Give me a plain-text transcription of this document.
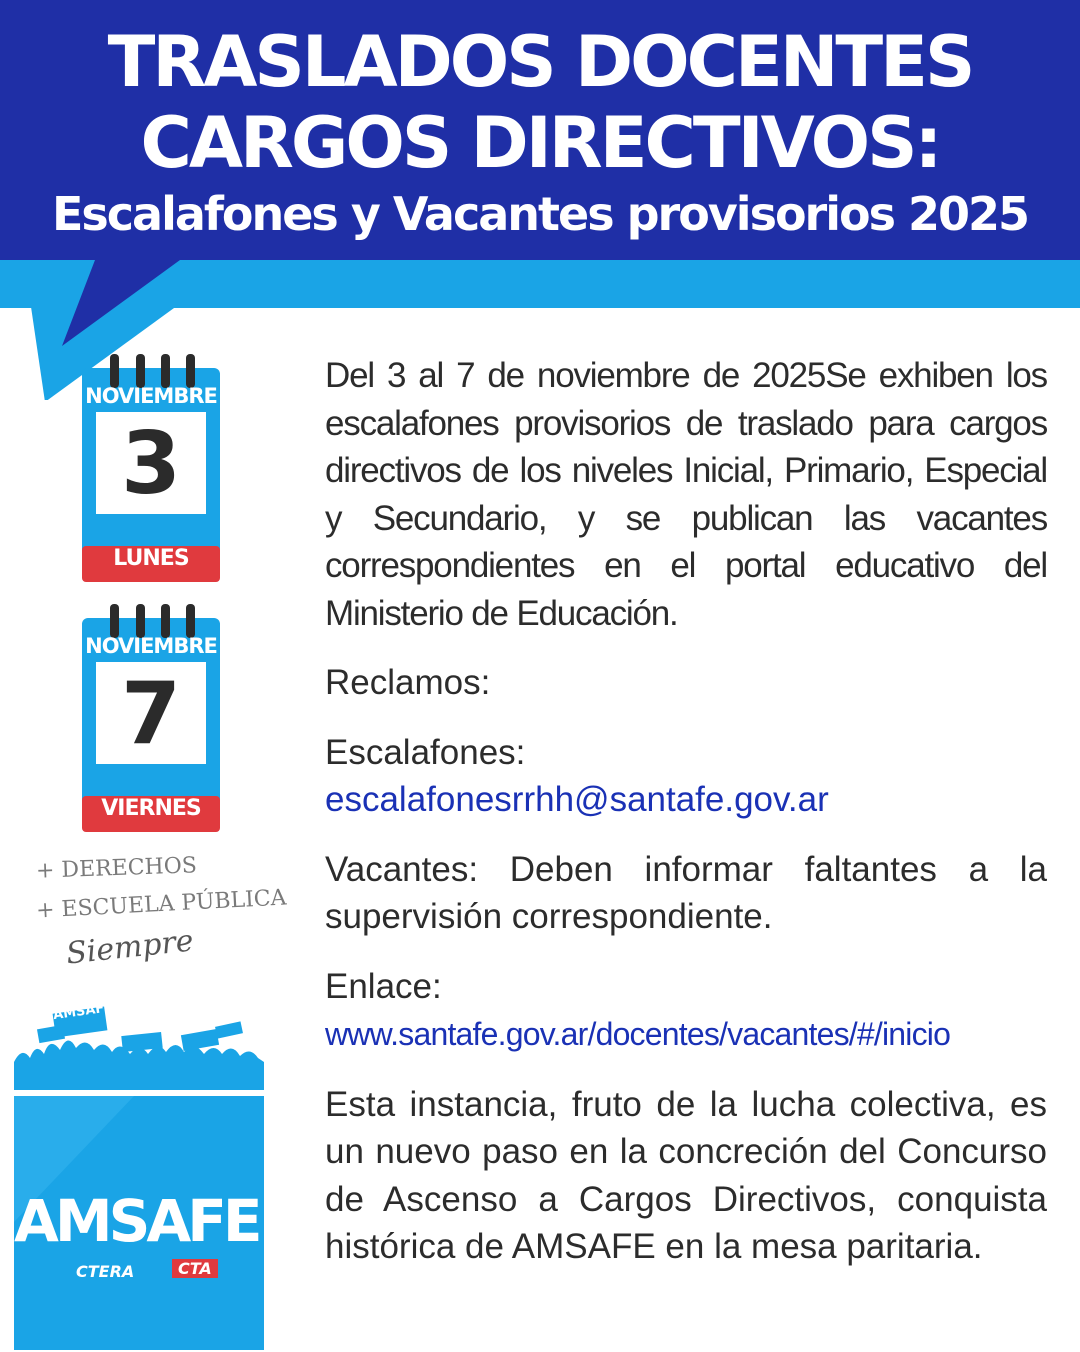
TRASLADOS DOCENTES
CARGOS DIRECTIVOS:
Escalafones y Vacantes provisorios 2025
NOVIEMBRE
3
LUNES
NOVIEMBRE
7
VIERNES
+ DERECHOS
+ ESCUELA PÚBLICA
Siempre
AMSAFE
AMSAFE
CTERA	CTA

Del 3 al 7 de noviembre de 2025Se exhiben los escalafones provisorios de traslado para cargos directivos de los niveles Inicial, Primario, Especial y Secundario, y se publican las vacantes correspondientes en el portal educativo del Ministerio de Educación.

Reclamos:

Escalafones:
escalafonesrrhh@santafe.gov.ar

Vacantes: Deben informar faltantes a la supervisión correspondiente.

Enlace:
www.santafe.gov.ar/docentes/vacantes/#/inicio

Esta instancia, fruto de la lucha colectiva, es un nuevo paso en la concreción del Concurso de Ascenso a Cargos Directivos, conquista histórica de AMSAFE en la mesa paritaria.
